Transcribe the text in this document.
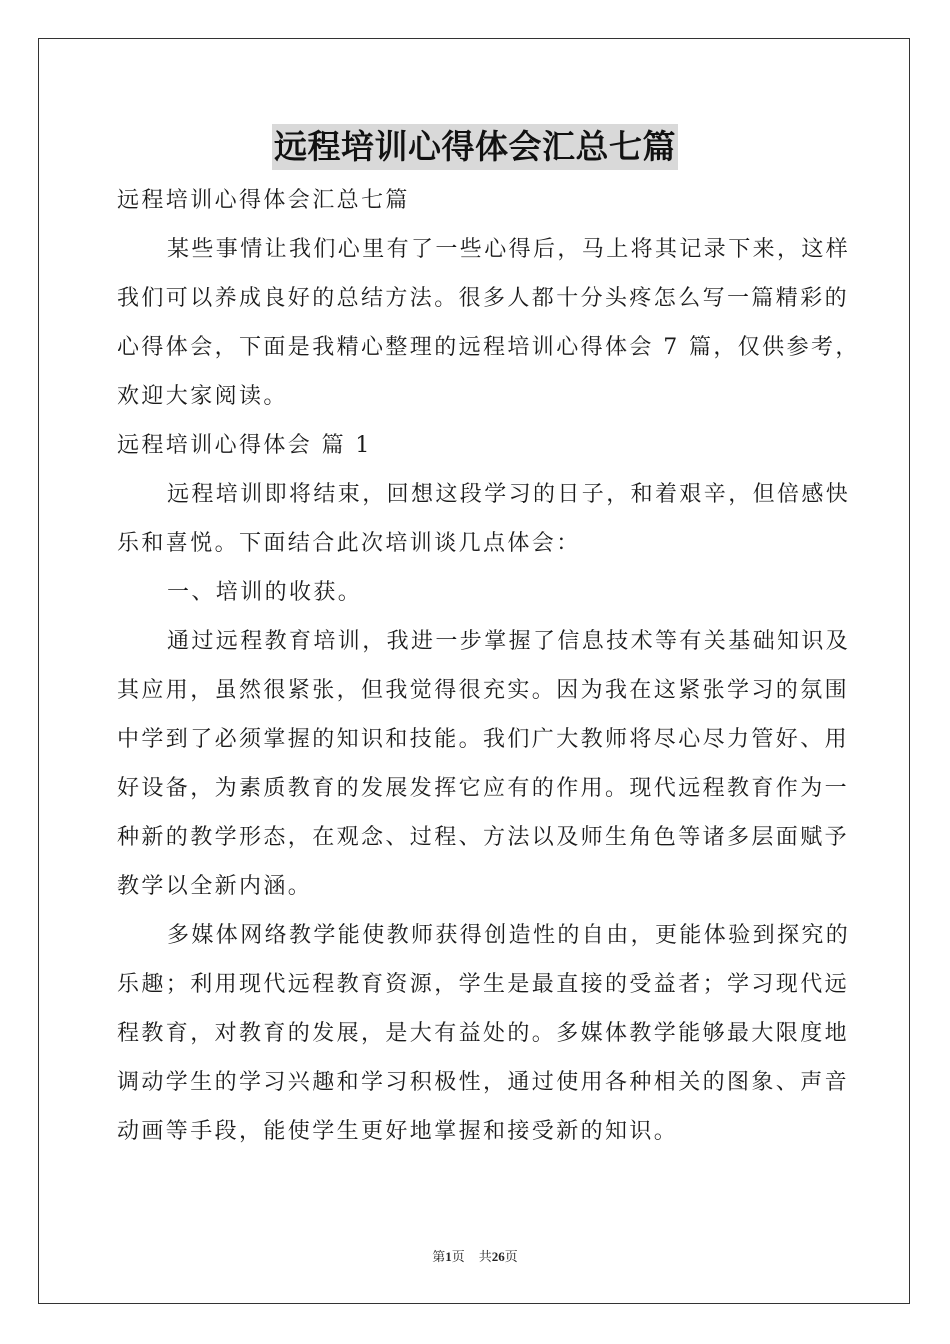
远程培训心得体会汇总七篇
远程培训心得体会汇总七篇
某些事情让我们心里有了一些心得后，马上将其记录下来，这样
我们可以养成良好的总结方法。很多人都十分头疼怎么写一篇精彩的
心得体会，下面是我精心整理的远程培训心得体会 7 篇，仅供参考，
欢迎大家阅读。
远程培训心得体会 篇 1
远程培训即将结束，回想这段学习的日子，和着艰辛，但倍感快
乐和喜悦。下面结合此次培训谈几点体会：
一、培训的收获。
通过远程教育培训，我进一步掌握了信息技术等有关基础知识及
其应用，虽然很紧张，但我觉得很充实。因为我在这紧张学习的氛围
中学到了必须掌握的知识和技能。我们广大教师将尽心尽力管好、用
好设备，为素质教育的发展发挥它应有的作用。现代远程教育作为一
种新的教学形态，在观念、过程、方法以及师生角色等诸多层面赋予
教学以全新内涵。
多媒体网络教学能使教师获得创造性的自由，更能体验到探究的
乐趣；利用现代远程教育资源，学生是最直接的受益者；学习现代远
程教育，对教育的发展，是大有益处的。多媒体教学能够最大限度地
调动学生的学习兴趣和学习积极性，通过使用各种相关的图象、声音
动画等手段，能使学生更好地掌握和接受新的知识。
第1页 共26页
